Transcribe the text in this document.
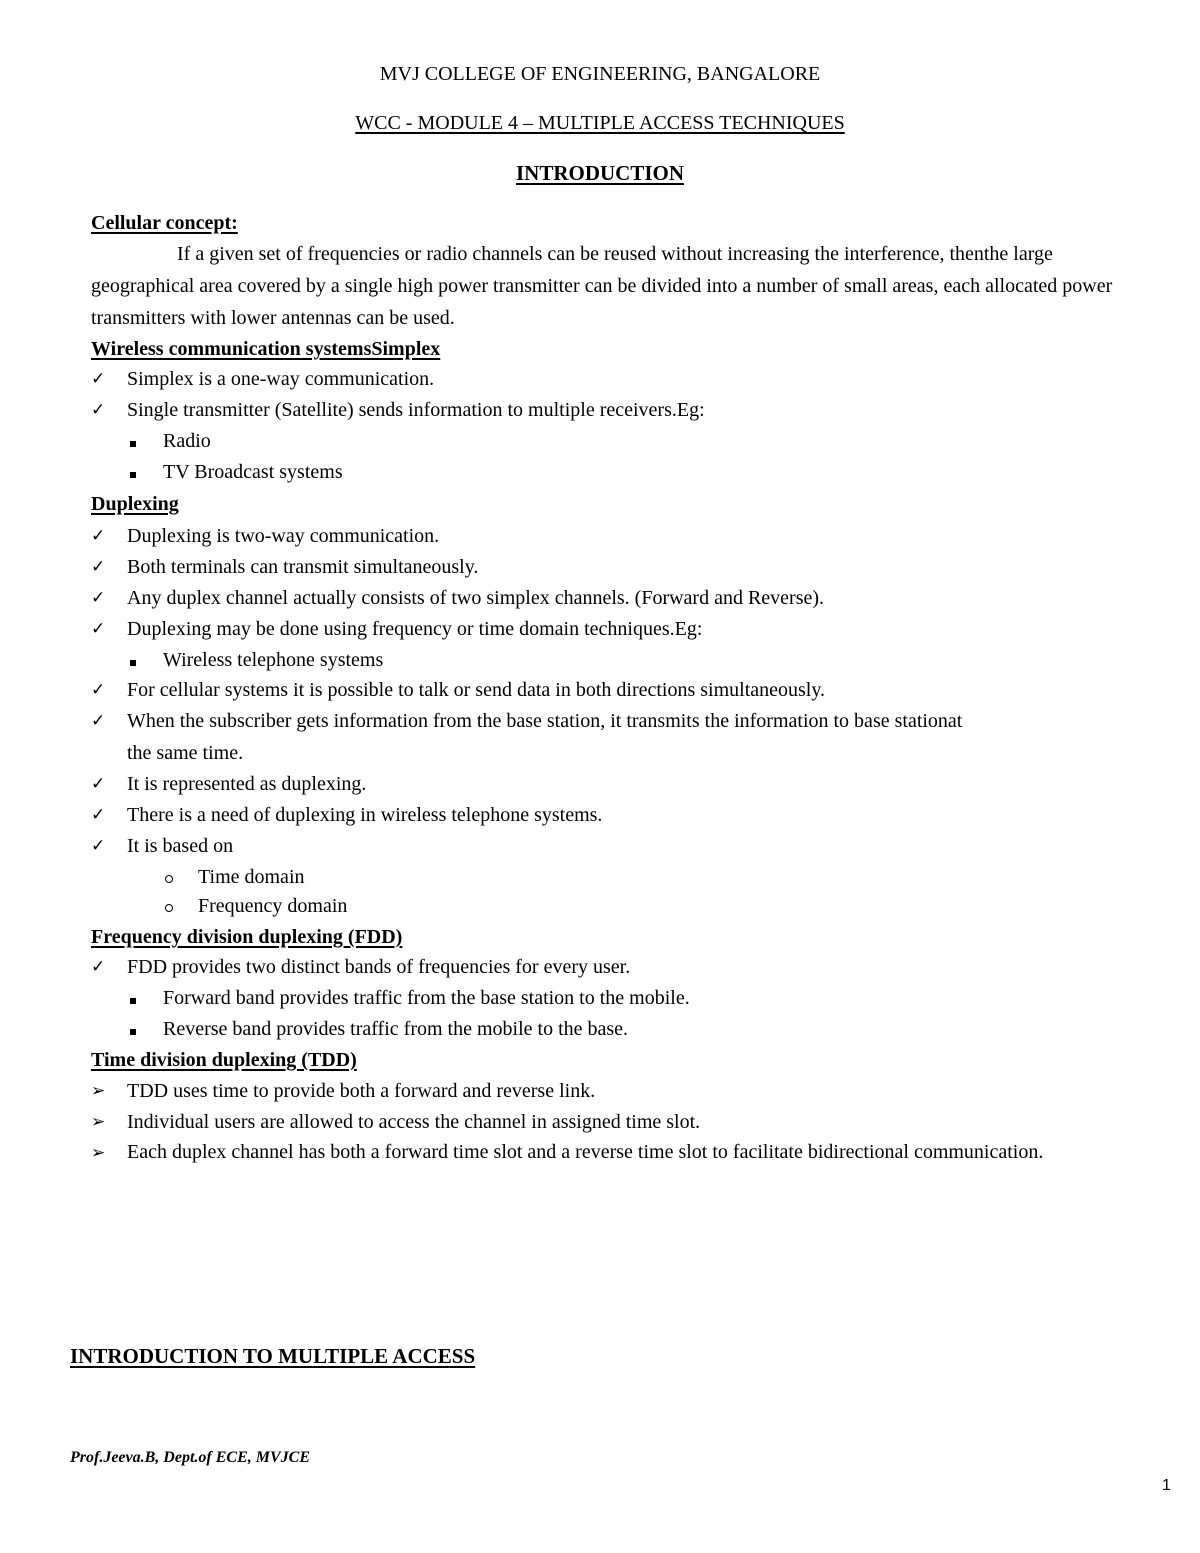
MVJ COLLEGE OF ENGINEERING, BANGALORE
WCC - MODULE 4 – MULTIPLE ACCESS TECHNIQUES
INTRODUCTION
Cellular concept:
If a given set of frequencies or radio channels can be reused without increasing the interference, thenthe large geographical area covered by a single high power transmitter can be divided into a number of small areas, each allocated power transmitters with lower antennas can be used.
Wireless communication systemsSimplex
✓ Simplex is a one-way communication.
✓ Single transmitter (Satellite) sends information to multiple receivers.Eg:
Radio
TV Broadcast systems
Duplexing
✓ Duplexing is two-way communication.
✓ Both terminals can transmit simultaneously.
✓ Any duplex channel actually consists of two simplex channels. (Forward and Reverse).
✓ Duplexing may be done using frequency or time domain techniques.Eg:
Wireless telephone systems
✓ For cellular systems it is possible to talk or send data in both directions simultaneously.
✓ When the subscriber gets information from the base station, it transmits the information to base stationat
the same time.
✓ It is represented as duplexing.
✓ There is a need of duplexing in wireless telephone systems.
✓ It is based on
Time domain
Frequency domain
Frequency division duplexing (FDD)
✓ FDD provides two distinct bands of frequencies for every user.
Forward band provides traffic from the base station to the mobile.
Reverse band provides traffic from the mobile to the base.
Time division duplexing (TDD)
➢ TDD uses time to provide both a forward and reverse link.
➢ Individual users are allowed to access the channel in assigned time slot.
➢ Each duplex channel has both a forward time slot and a reverse time slot to facilitate bidirectional communication.
INTRODUCTION TO MULTIPLE ACCESS
Prof.Jeeva.B, Dept.of ECE, MVJCE
1
